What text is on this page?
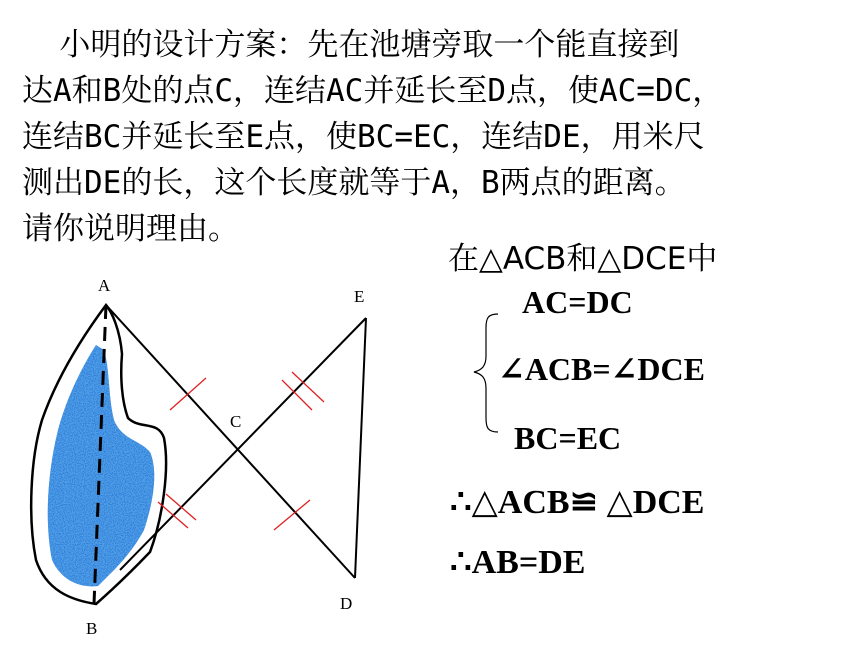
小明的设计方案：先在池塘旁取一个能直接到
达A和B处的点C，连结AC并延长至D点，使AC=DC，
连结BC并延长至E点，使BC=EC，连结DE，用米尺
测出DE的长，这个长度就等于A，B两点的距离。
请你说明理由。
A
B
C
D
E
在△ACB和△DCE中
AC=DC
∠ACB=∠DCE
BC=EC
∴△ACB≌ △DCE
∴AB=DE
